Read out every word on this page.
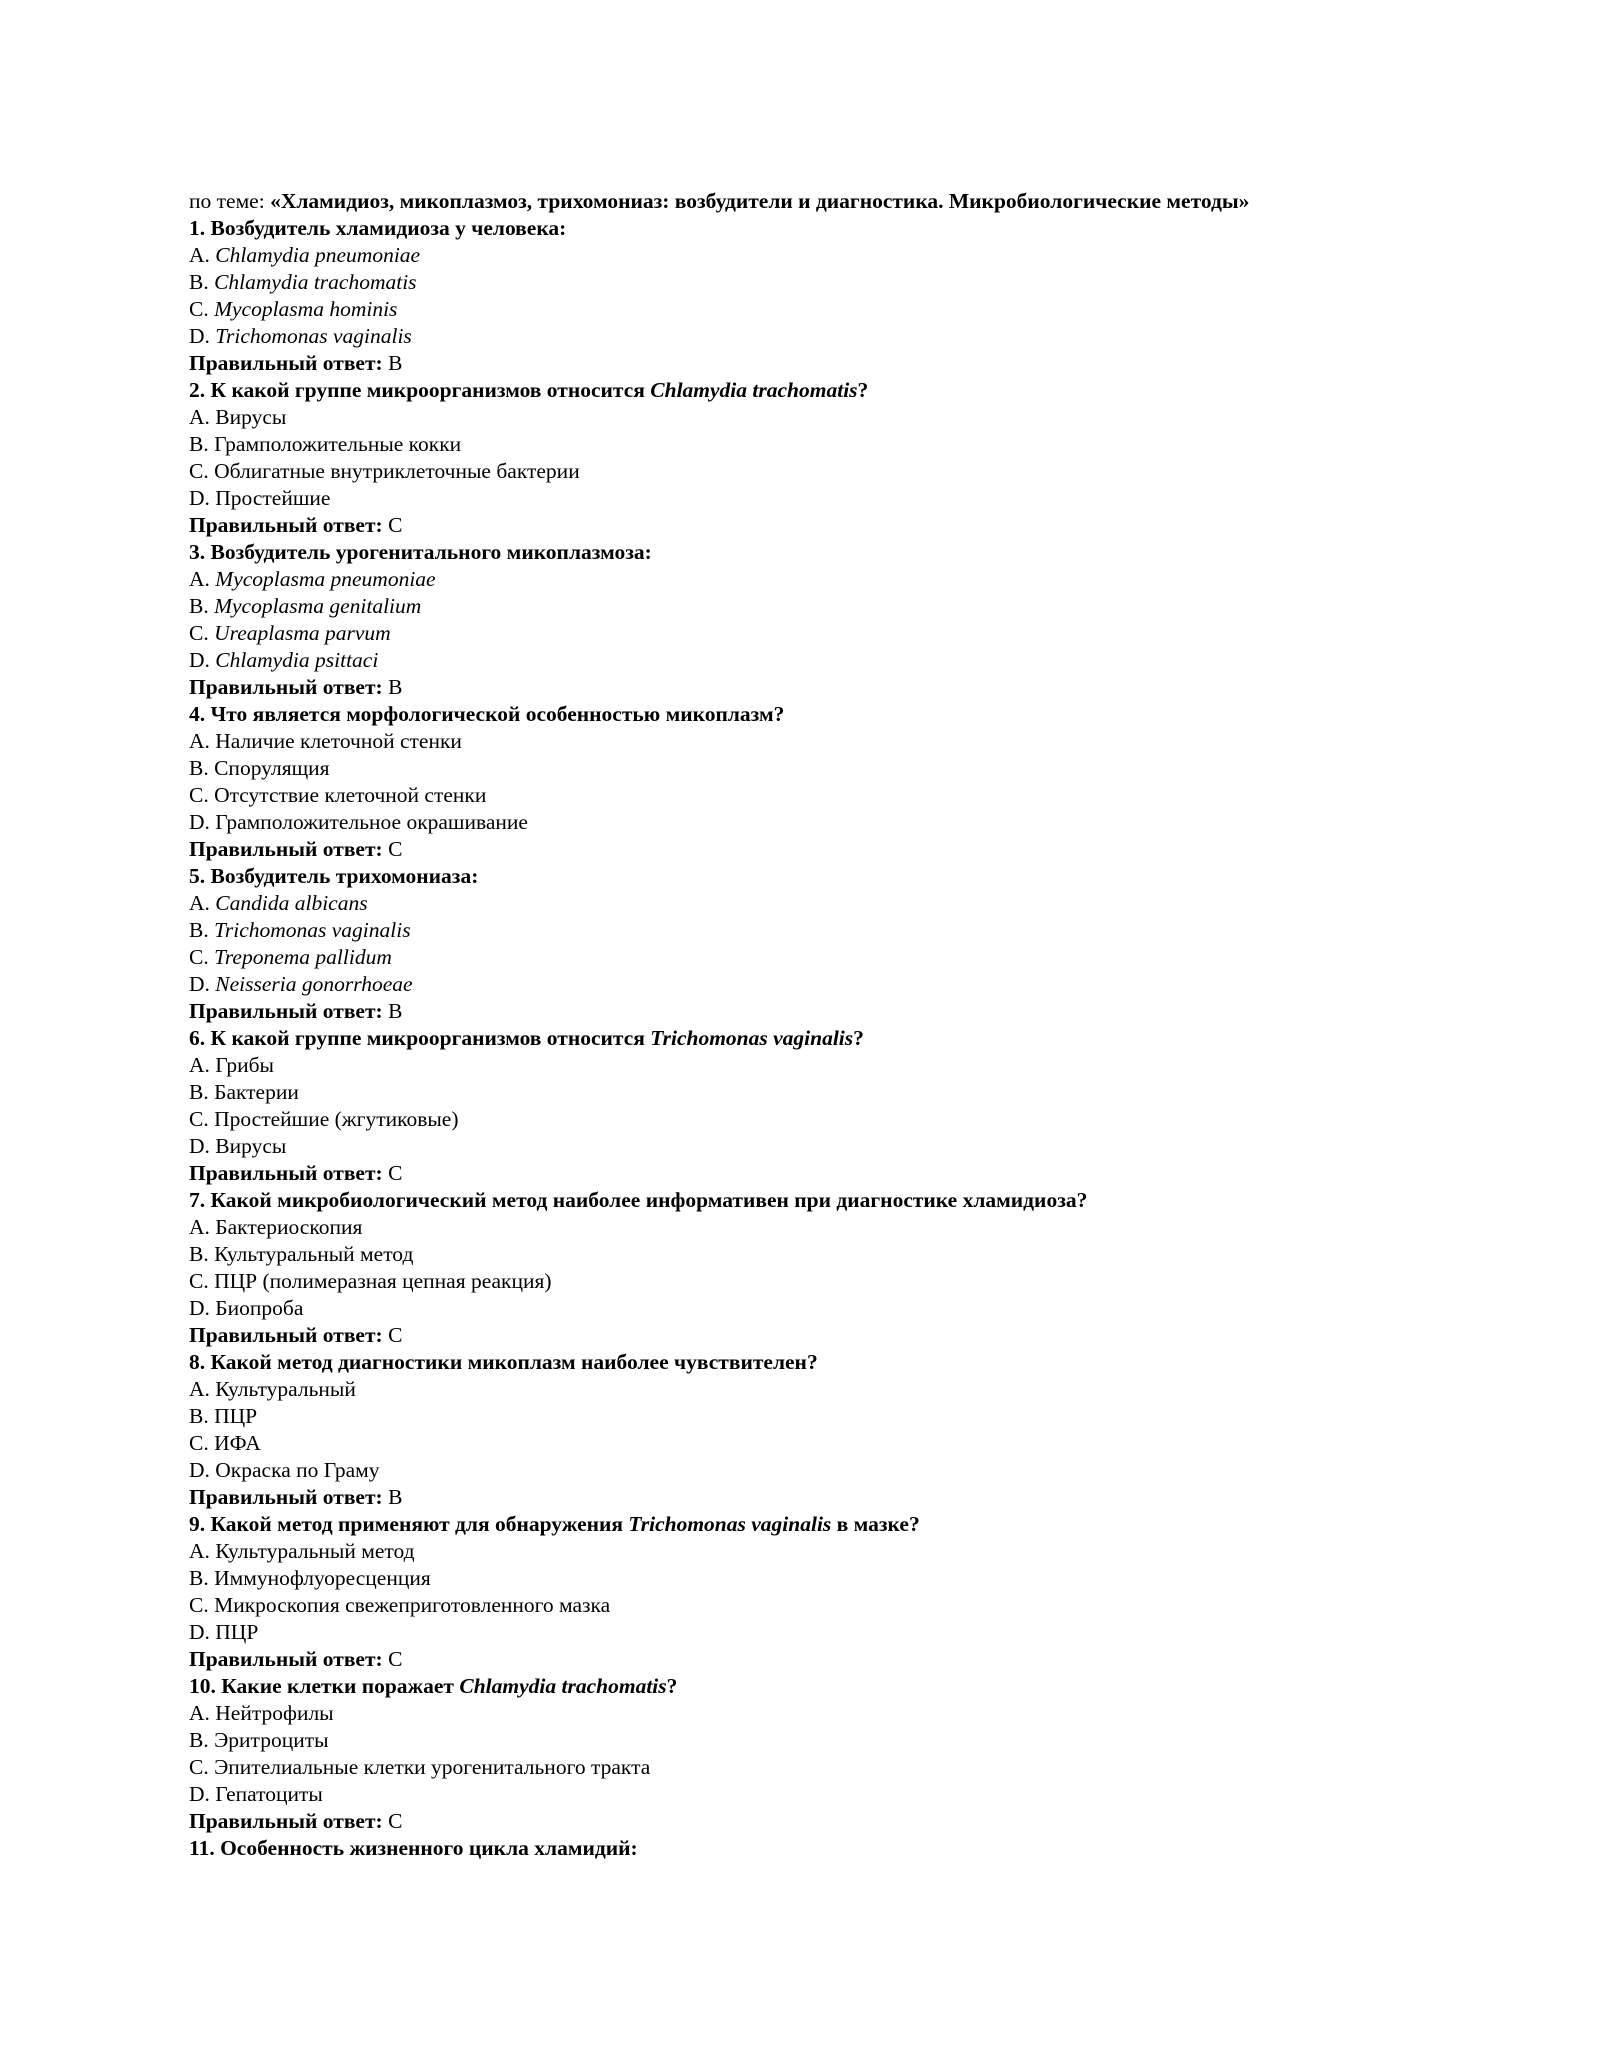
по теме: «Хламидиоз, микоплазмоз, трихомониаз: возбудители и диагностика. Микробиологические методы»
1. Возбудитель хламидиоза у человека:
A. Chlamydia pneumoniae
B. Chlamydia trachomatis
C. Mycoplasma hominis
D. Trichomonas vaginalis
Правильный ответ: B
2. К какой группе микроорганизмов относится Chlamydia trachomatis?
A. Вирусы
B. Грамположительные кокки
C. Облигатные внутриклеточные бактерии
D. Простейшие
Правильный ответ: C
3. Возбудитель урогенитального микоплазмоза:
A. Mycoplasma pneumoniae
B. Mycoplasma genitalium
C. Ureaplasma parvum
D. Chlamydia psittaci
Правильный ответ: B
4. Что является морфологической особенностью микоплазм?
A. Наличие клеточной стенки
B. Спорулящия
C. Отсутствие клеточной стенки
D. Грамположительное окрашивание
Правильный ответ: C
5. Возбудитель трихомониаза:
A. Candida albicans
B. Trichomonas vaginalis
C. Treponema pallidum
D. Neisseria gonorrhoeae
Правильный ответ: B
6. К какой группе микроорганизмов относится Trichomonas vaginalis?
A. Грибы
B. Бактерии
C. Простейшие (жгутиковые)
D. Вирусы
Правильный ответ: C
7. Какой микробиологический метод наиболее информативен при диагностике хламидиоза?
A. Бактериоскопия
B. Культуральный метод
C. ПЦР (полимеразная цепная реакция)
D. Биопроба
Правильный ответ: C
8. Какой метод диагностики микоплазм наиболее чувствителен?
A. Культуральный
B. ПЦР
C. ИФА
D. Окраска по Граму
Правильный ответ: B
9. Какой метод применяют для обнаружения Trichomonas vaginalis в мазке?
A. Культуральный метод
B. Иммунофлуоресценция
C. Микроскопия свежеприготовленного мазка
D. ПЦР
Правильный ответ: C
10. Какие клетки поражает Chlamydia trachomatis?
A. Нейтрофилы
B. Эритроциты
C. Эпителиальные клетки урогенитального тракта
D. Гепатоциты
Правильный ответ: C
11. Особенность жизненного цикла хламидий:
